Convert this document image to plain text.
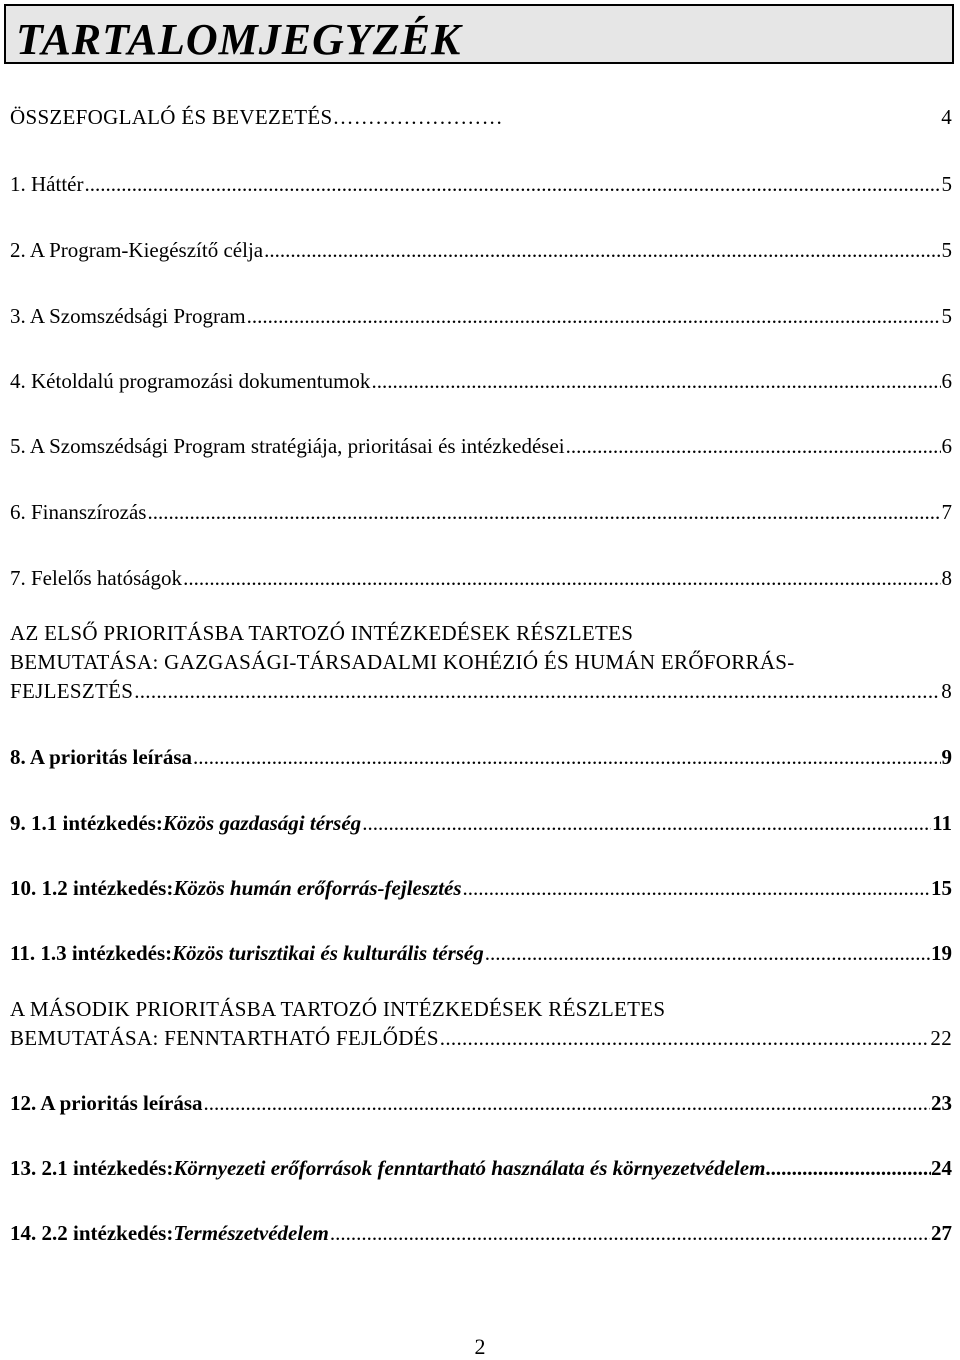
TARTALOMJEGYZÉK
ÖSSZEFOGLALÓ ÉS BEVEZETÉS ……………………	4
1. Háttér .....	5
2. A Program-Kiegészítő célja .....	5
3. A Szomszédsági Program .....	5
4. Kétoldalú programozási dokumentumok .....	6
5. A Szomszédsági Program stratégiája, prioritásai és intézkedései .....	6
6. Finanszírozás .....	7
7. Felelős hatóságok .....	8
AZ ELSŐ PRIORITÁSBA TARTOZÓ INTÉZKEDÉSEK RÉSZLETES
BEMUTATÁSA: GAZGASÁGI-TÁRSADALMI KOHÉZIÓ ÉS HUMÁN ERŐFORRÁS-
FEJLESZTÉS .....	8
8. A prioritás leírása .....	9
9. 1.1 intézkedés: Közös gazdasági térség .....	11
10. 1.2 intézkedés: Közös humán erőforrás-fejlesztés .....	15
11. 1.3 intézkedés: Közös turisztikai és kulturális térség .....	19
A MÁSODIK PRIORITÁSBA TARTOZÓ INTÉZKEDÉSEK RÉSZLETES
BEMUTATÁSA: FENNTARTHATÓ FEJLŐDÉS .....	22
12. A prioritás leírása .....	23
13. 2.1 intézkedés: Környezeti erőforrások fenntartható használata és környezetvédelem .....	24
14. 2.2 intézkedés: Természetvédelem .....	27
2
